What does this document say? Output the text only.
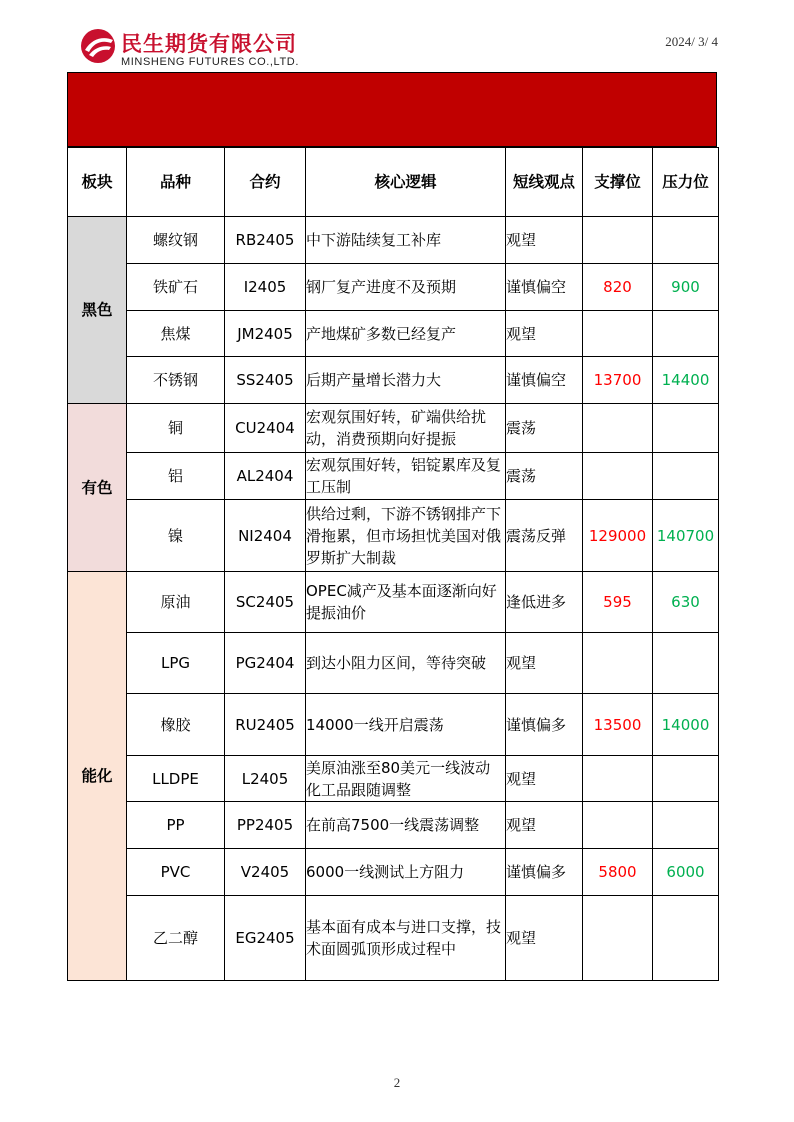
民生期货有限公司
MINSHENG FUTURES CO.,LTD.
2024/ 3/ 4
板块	品种	合约	核心逻辑	短线观点	支撑位	压力位
黑色	螺纹钢	RB2405	中下游陆续复工补库	观望		
	铁矿石	I2405	钢厂复产进度不及预期	谨慎偏空	820	900
	焦煤	JM2405	产地煤矿多数已经复产	观望		
	不锈钢	SS2405	后期产量增长潜力大	谨慎偏空	13700	14400
有色	铜	CU2404	宏观氛围好转，矿端供给扰动，消费预期向好提振	震荡		
	铝	AL2404	宏观氛围好转，铝锭累库及复工压制	震荡		
	镍	NI2404	供给过剩，下游不锈钢排产下滑拖累，但市场担忧美国对俄罗斯扩大制裁	震荡反弹	129000	140700
能化	原油	SC2405	OPEC减产及基本面逐渐向好提振油价	逢低进多	595	630
	LPG	PG2404	到达小阻力区间，等待突破	观望		
	橡胶	RU2405	14000一线开启震荡	谨慎偏多	13500	14000
	LLDPE	L2405	美原油涨至80美元一线波动化工品跟随调整	观望		
	PP	PP2405	在前高7500一线震荡调整	观望		
	PVC	V2405	6000一线测试上方阻力	谨慎偏多	5800	6000
	乙二醇	EG2405	基本面有成本与进口支撑，技术面圆弧顶形成过程中	观望		
2
